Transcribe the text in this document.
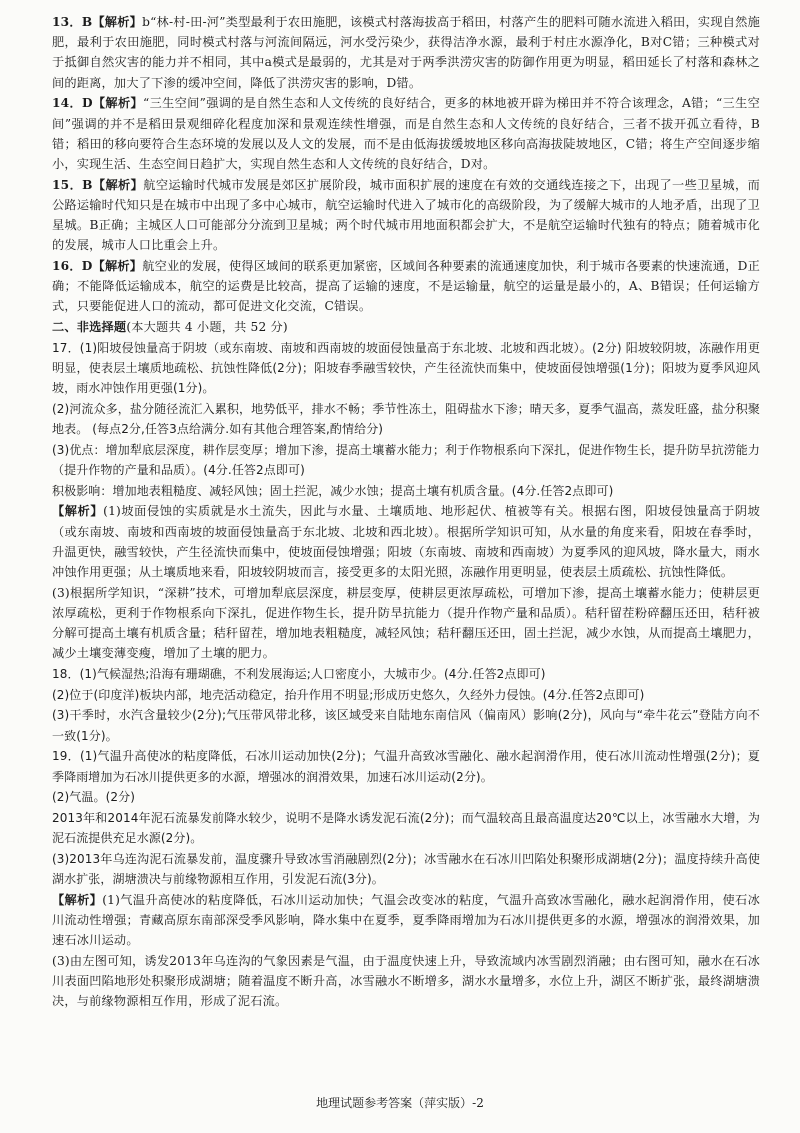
13．B【解析】b“林-村-田-河”类型最利于农田施肥，该模式村落海拔高于稻田，村落产生的肥料可随水流进入稻田，实现自然施肥，最利于农田施肥，同时模式村落与河流间隔远，河水受污染少，获得洁净水源，最利于村庄水源净化，B对C错；三种模式对于抵御自然灾害的能力并不相同，其中a模式是最弱的，尤其是对于两季洪涝灾害的防御作用更为明显，稻田延长了村落和森林之间的距离，加大了下渗的缓冲空间，降低了洪涝灾害的影响，D错。

14．D【解析】“三生空间”强调的是自然生态和人文传统的良好结合，更多的林地被开辟为梯田并不符合该理念，A错；“三生空间”强调的并不是稻田景观细碎化程度加深和景观连续性增强，而是自然生态和人文传统的良好结合，三者不拔开孤立看待，B错；稻田的移向要符合生态环境的发展以及人文的发展，而不是由低海拔缓坡地区移向高海拔陡坡地区，C错；将生产空间逐步缩小，实现生活、生态空间日趋扩大，实现自然生态和人文传统的良好结合，D对。

15．B【解析】航空运输时代城市发展是郊区扩展阶段，城市面积扩展的速度在有效的交通线连接之下，出现了一些卫星城，而公路运输时代知只是在城市中出现了多中心城市，航空运输时代进入了城市化的高级阶段，为了缓解大城市的人地矛盾，出现了卫星城。B正确；主城区人口可能部分分流到卫星城；两个时代城市用地面积都会扩大，不是航空运输时代独有的特点；随着城市化的发展，城市人口比重会上升。

16．D【解析】航空业的发展，使得区域间的联系更加紧密，区域间各种要素的流通速度加快，利于城市各要素的快速流通，D正确；不能降低运输成本，航空的运费是比较高，提高了运输的速度，不是运输量，航空的运量是最小的，A、B错误；任何运输方式，只要能促进人口的流动，都可促进文化交流，C错误。

二、非选择题(本大题共 4 小题，共 52 分)

17．(1)阳坡侵蚀量高于阴坡（或东南坡、南坡和西南坡的坡面侵蚀量高于东北坡、北坡和西北坡）。(2分) 阳坡较阴坡，冻融作用更明显，使表层土壤质地疏松、抗蚀性降低(2分)；阳坡春季融雪较快，产生径流快而集中，使坡面侵蚀增强(1分)；阳坡为夏季风迎风坡，雨水冲蚀作用更强(1分)。

(2)河流众多，盐分随径流汇入累积，地势低平，排水不畅；季节性冻土，阻碍盐水下渗；晴天多，夏季气温高，蒸发旺盛，盐分积聚地表。 (每点2分,任答3点给满分.如有其他合理答案,酌情给分)

(3)优点：增加犁底层深度，耕作层变厚；增加下渗，提高土壤蓄水能力；利于作物根系向下深扎，促进作物生长，提升防旱抗涝能力（提升作物的产量和品质）。(4分.任答2点即可)

积极影响：增加地表粗糙度、减轻风蚀；固土拦泥，减少水蚀；提高土壤有机质含量。(4分.任答2点即可)

【解析】(1)坡面侵蚀的实质就是水土流失，因此与水量、土壤质地、地形起伏、植被等有关。根据右图，阳坡侵蚀量高于阴坡（或东南坡、南坡和西南坡的坡面侵蚀量高于东北坡、北坡和西北坡）。根据所学知识可知，从水量的角度来看，阳坡在春季时，升温更快，融雪较快，产生径流快而集中，使坡面侵蚀增强；阳坡（东南坡、南坡和西南坡）为夏季风的迎风坡，降水量大，雨水冲蚀作用更强；从土壤质地来看，阳坡较阴坡而言，接受更多的太阳光照，冻融作用更明显，使表层土质疏松、抗蚀性降低。

(3)根据所学知识，“深耕”技术，可增加犁底层深度，耕层变厚，使耕层更浓厚疏松，可增加下渗，提高土壤蓄水能力；使耕层更浓厚疏松，更利于作物根系向下深扎，促进作物生长，提升防旱抗能力（提升作物产量和品质）。秸秆留茬粉碎翻压还田，秸秆被分解可提高土壤有机质含量；秸秆留茬，增加地表粗糙度，减轻风蚀；秸秆翻压还田，固土拦泥，减少水蚀，从而提高土壤肥力，减少土壤变薄变瘦，增加了土壤的肥力。

18．(1)气候湿热;沿海有珊瑚礁，不利发展海运;人口密度小，大城市少。(4分.任答2点即可)

(2)位于(印度洋)板块内部，地壳活动稳定，抬升作用不明显;形成历史悠久，久经外力侵蚀。(4分.任答2点即可)

(3)干季时，水汽含量较少(2分);气压带风带北移，该区域受来自陆地东南信风（偏南风）影响(2分)，风向与“牵牛花云”登陆方向不一致(1分)。

19．(1)气温升高使冰的粘度降低，石冰川运动加快(2分)；气温升高致冰雪融化、融水起润滑作用，使石冰川流动性增强(2分)；夏季降雨增加为石冰川提供更多的水源，增强冰的润滑效果，加速石冰川运动(2分)。

(2)气温。(2分)

2013年和2014年泥石流暴发前降水较少，说明不是降水诱发泥石流(2分)；而气温较高且最高温度达20℃以上，冰雪融水大增，为泥石流提供充足水源(2分)。

(3)2013年乌连沟泥石流暴发前，温度骤升导致冰雪消融剧烈(2分)；冰雪融水在石冰川凹陷处积聚形成湖塘(2分)；温度持续升高使湖水扩张，湖塘溃决与前缘物源相互作用，引发泥石流(3分)。

【解析】(1)气温升高使冰的粘度降低，石冰川运动加快；气温会改变冰的粘度，气温升高致冰雪融化，融水起润滑作用，使石冰川流动性增强；青藏高原东南部深受季风影响，降水集中在夏季，夏季降雨增加为石冰川提供更多的水源，增强冰的润滑效果，加速石冰川运动。

(3)由左图可知，诱发2013年乌连沟的气象因素是气温，由于温度快速上升，导致流域内冰雪剧烈消融；由右图可知，融水在石冰川表面凹陷地形处积聚形成湖塘；随着温度不断升高，冰雪融水不断增多，湖水水量增多，水位上升，湖区不断扩张，最终湖塘溃决，与前缘物源相互作用，形成了泥石流。

地理试题参考答案（萍实版）-2
